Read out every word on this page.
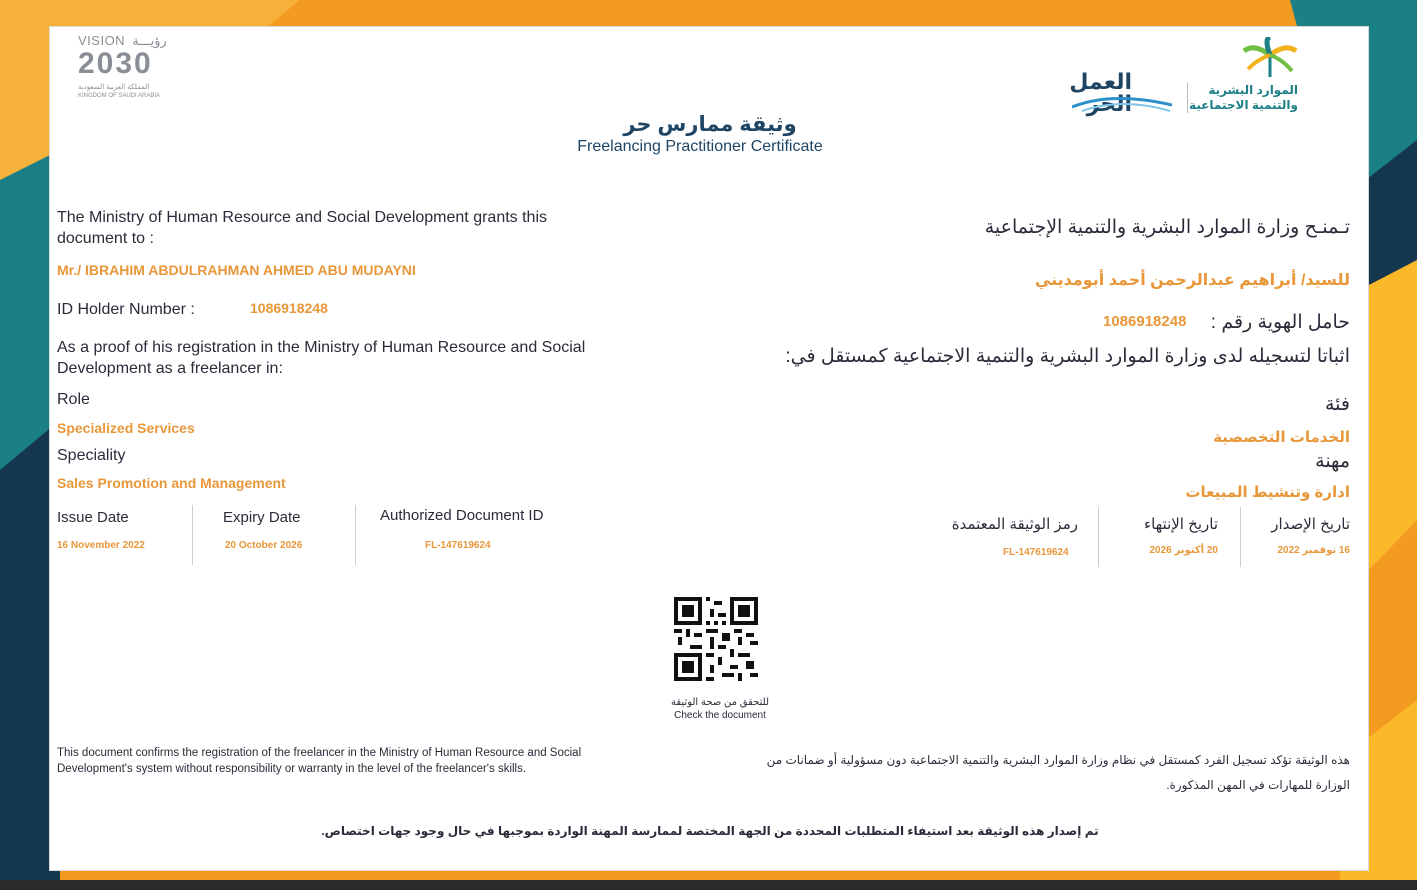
VISION رؤيـــة
2030
المملكة العربية السعودية
KINGDOM OF SAUDI ARABIA
العمل
الحر
الموارد البشرية
والتنمية الاجتماعية
وثيقة ممارس حر
Freelancing Practitioner Certificate
The Ministry of Human Resource and Social Development grants this document to :
Mr./ IBRAHIM ABDULRAHMAN AHMED ABU MUDAYNI
ID Holder Number :	1086918248
As a proof of his registration in the Ministry of Human Resource and Social Development as a freelancer in:
Role
Specialized Services
Speciality
Sales Promotion and Management
Issue Date
16 November 2022
Expiry Date
20 October 2026
Authorized Document ID
FL-147619624
تـمنـح وزارة الموارد البشرية والتنمية الإجتماعية
للسيد/ أبراهيم عبدالرحمن أحمد أبومديني
حامل الهوية رقم :
1086918248
اثباتا لتسجيله لدى وزارة الموارد البشرية والتنمية الاجتماعية كمستقل في:
فئة
الخدمات التخصصية
مهنة
ادارة وتنشيط المبيعات
تاريخ الإصدار
16 نوفمبر 2022
تاريخ الإنتهاء
20 أكتوبر 2026
رمز الوثيقة المعتمدة
FL-147619624
للتحقق من صحة الوثيقة
Check the document
This document confirms the registration of the freelancer in the Ministry of Human Resource and Social Development's system without responsibility or warranty in the level of the freelancer's skills.
هذه الوثيقة تؤكد تسجيل الفرد كمستقل في نظام وزارة الموارد البشرية والتنمية الاجتماعية دون مسؤولية أو ضمانات من
الوزارة للمهارات في المهن المذكورة.
تم إصدار هذه الوثيقة بعد استيفاء المتطلبات المحددة من الجهة المختصة لممارسة المهنة الواردة بموجبها في حال وجود جهات اختصاص.
